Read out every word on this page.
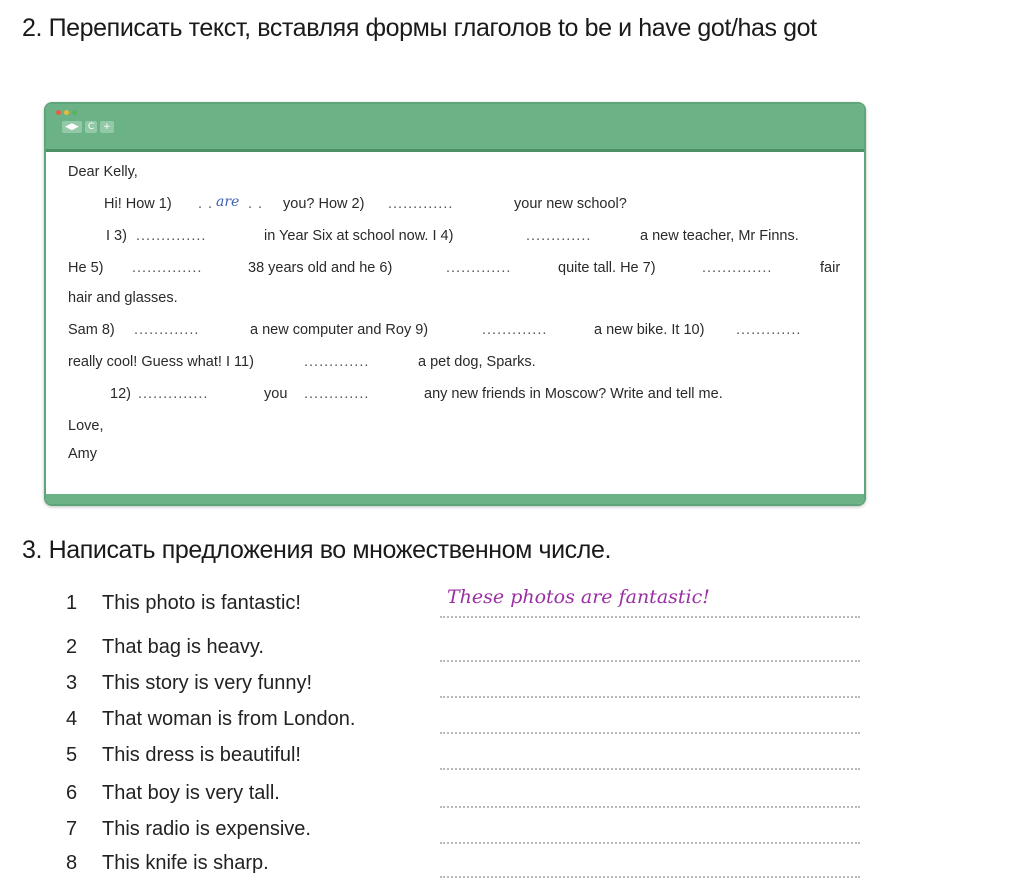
2. Переписать текст, вставляя формы глаголов to be и have got/has got
◀▶	C	+
Dear Kelly,
Hi! How 1) . . are . . you? How 2) .............	your new school?
I 3) ..............	in Year Six at school now. I 4)	.............	a new teacher, Mr Finns.
He 5) ..............	38 years old and he 6)	.............	quite tall. He 7)	..............	fair
hair and glasses.
Sam 8) .............	a new computer and Roy 9)	.............	a new bike. It 10) .............
really cool! Guess what! I 11)	.............	a pet dog, Sparks.
12) ..............	you .............	any new friends in Moscow? Write and tell me.
Love,
Amy
3. Написать предложения во множественном числе.
1 This photo is fantastic!	These photos are fantastic!
2 That bag is heavy.
3 This story is very funny!
4 That woman is from London.
5 This dress is beautiful!
6 That boy is very tall.
7 This radio is expensive.
8 This knife is sharp.
